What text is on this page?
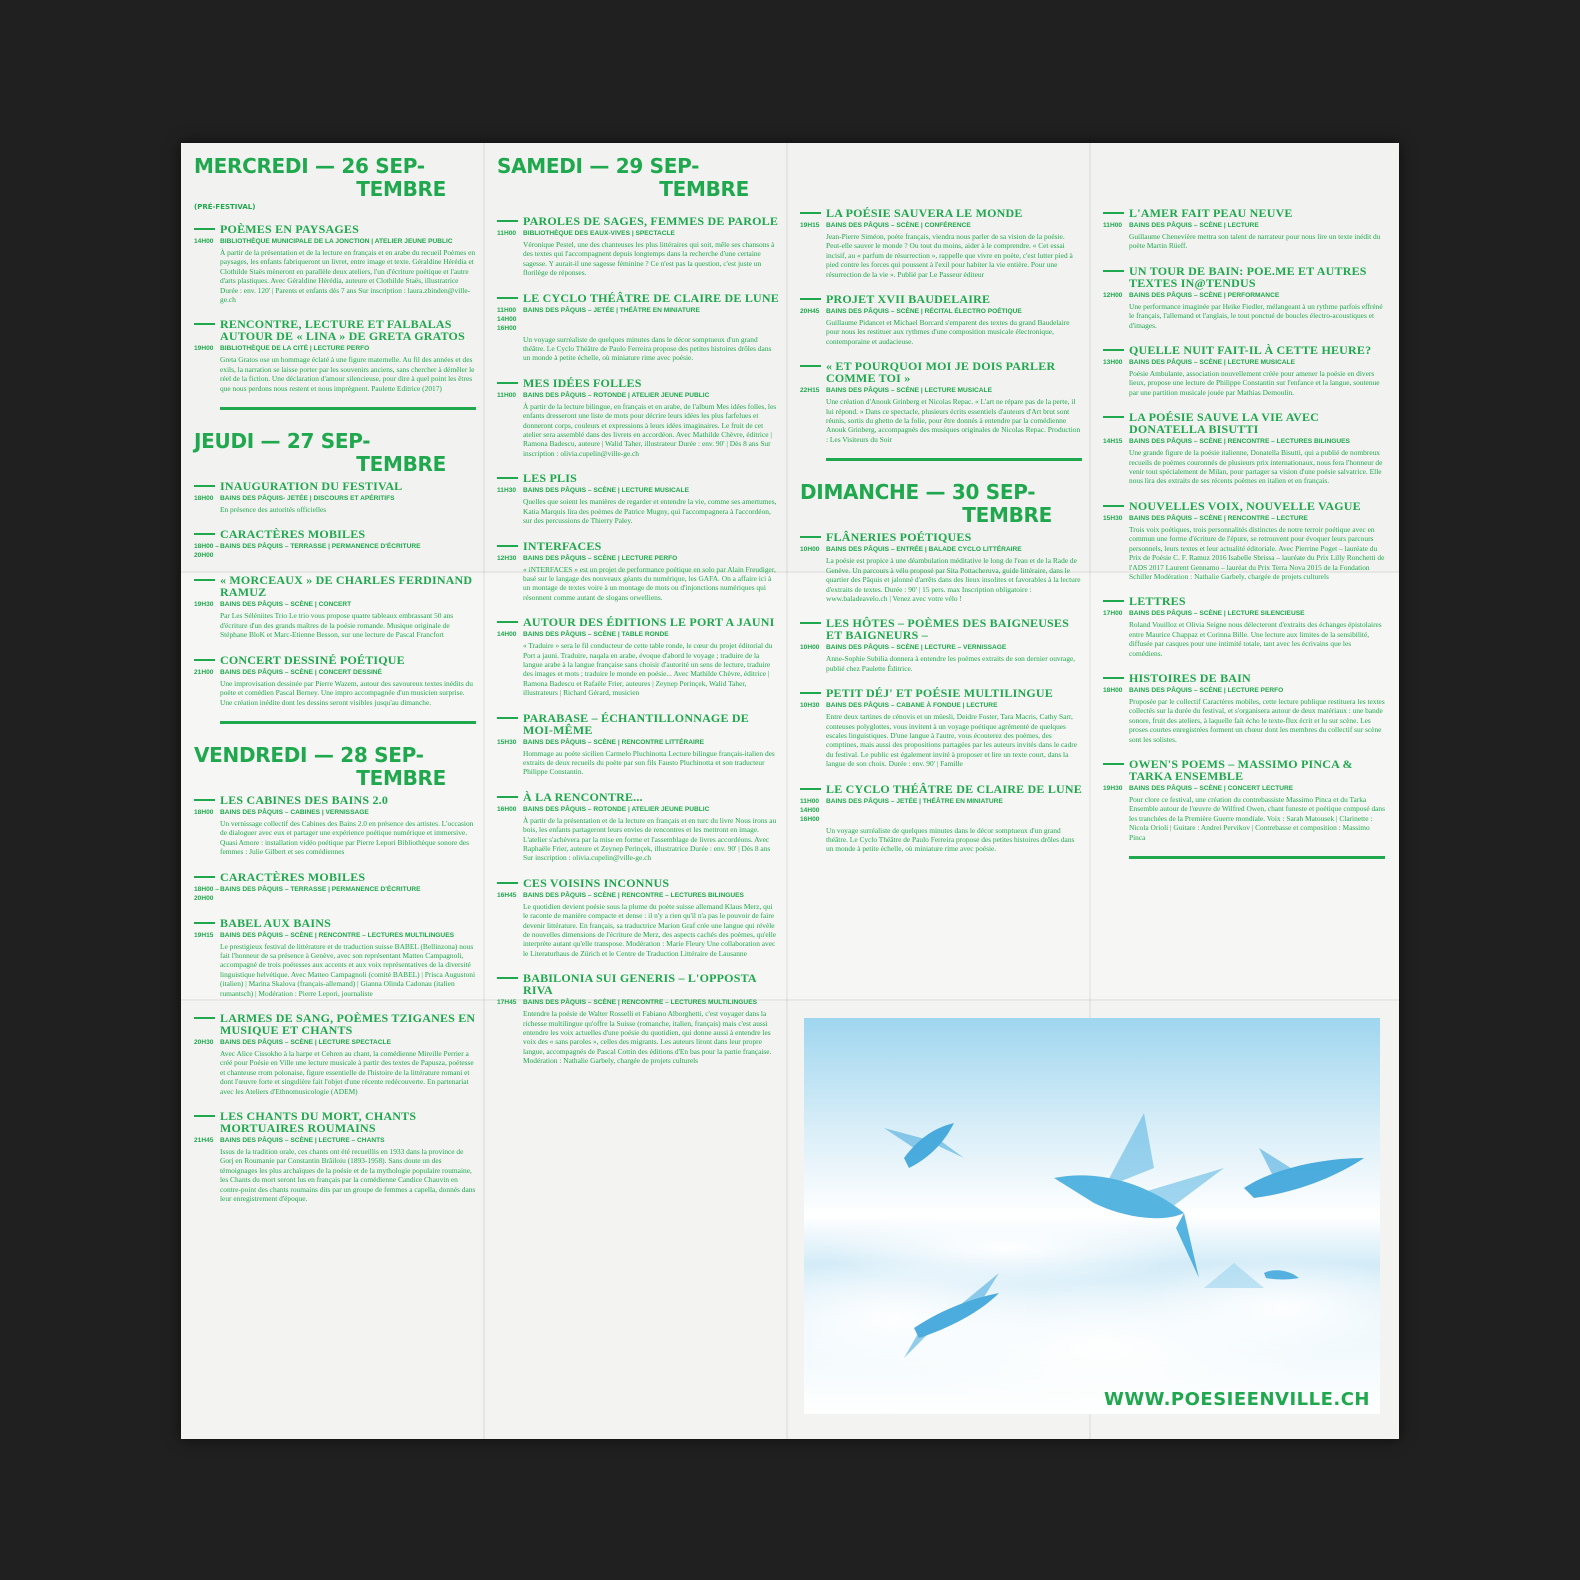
MERCREDI — 26 SEP-
TEMBRE
(PRÉ-FESTIVAL)
POÈMES EN PAYSAGES
14H00 BIBLIOTHÈQUE MUNICIPALE DE LA JONCTION | ATELIER JEUNE PUBLIC
À partir de la présentation et de la lecture en français et en arabe du recueil Poèmes en paysages, les enfants fabriqueront un livret, entre image et texte. Géraldine Hérédia et Clothilde Staës mèneront en parallèle deux ateliers, l'un d'écriture poétique et l'autre d'arts plastiques. Avec Géraldine Hérédia, auteure et Clothilde Staës, illustratrice Durée : env. 120' | Parents et enfants dès 7 ans Sur inscription : laura.zbinden@ville-ge.ch
RENCONTRE, LECTURE ET FALBALAS AUTOUR DE « LINA » DE GRETA GRATOS
19H00 BIBLIOTHÈQUE DE LA CITÉ | LECTURE PERFO
Greta Gratos ose un hommage éclaté à une figure maternelle. Au fil des années et des exils, la narration se laisse porter par les souvenirs anciens, sans chercher à démêler le réel de la fiction. Une déclaration d'amour silencieuse, pour dire à quel point les êtres que nous perdons nous restent et nous imprègnent. Paulette Editrice (2017)
JEUDI — 27 SEP-
TEMBRE
INAUGURATION DU FESTIVAL
18H00 BAINS DES PÂQUIS- JETÉE | DISCOURS ET APÉRITIFS
En présence des autorités officielles
CARACTÈRES MOBILES
18H00 – 20H00
BAINS DES PÂQUIS – TERRASSE | PERMANENCE D'ÉCRITURE
« MORCEAUX » DE CHARLES FERDINAND RAMUZ
19H30 BAINS DES PÂQUIS – SCÈNE | CONCERT
Par Les Séléniites Trio Le trio vous propose quatre tableaux embrassant 50 ans d'écriture d'un des grands maîtres de la poésie romande. Musique originale de Stéphane BloK et Marc-Etienne Besson, sur une lecture de Pascal Francfort
CONCERT DESSINÉ POÉTIQUE
21H00 BAINS DES PÂQUIS – SCÈNE | CONCERT DESSINÉ
Une improvisation dessinée par Pierre Wazem, autour des savoureux textes inédits du poète et comédien Pascal Berney. Une impro accompagnée d'un musicien surprise. Une création inédite dont les dessins seront visibles jusqu'au dimanche.
VENDREDI — 28 SEP-
TEMBRE
LES CABINES DES BAINS 2.0
18H00 BAINS DES PÂQUIS – CABINES | VERNISSAGE
Un vernissage collectif des Cabines des Bains 2.0 en présence des artistes. L'occasion de dialoguer avec eux et partager une expérience poétique numérique et immersive. Quasi Amore : installation vidéo poétique par Pierre Lepori Bibliothèque sonore des femmes : Julie Gilbert et ses comédiennes
CARACTÈRES MOBILES
18H00 – 20H00
BAINS DES PÂQUIS – TERRASSE | PERMANENCE D'ÉCRITURE
BABEL AUX BAINS
19H15 BAINS DES PÂQUIS – SCÈNE | RENCONTRE – LECTURES MULTILINGUES
Le prestigieux festival de littérature et de traduction suisse BABEL (Bellinzona) nous fait l'honneur de sa présence à Genève, avec son représentant Matteo Campagnoli, accompagné de trois poétesses aux accents et aux voix représentatives de la diversité linguistique helvétique. Avec Matteo Campagnoli (comité BABEL) | Prisca Augustoni (italien) | Marina Skalova (français-allemand) | Gianna Olinda Cadonau (italien rumantsch) | Modération : Pierre Lepori, journaliste
LARMES DE SANG, POÈMES TZIGANES EN MUSIQUE ET CHANTS
20H30 BAINS DES PÂQUIS – SCÈNE | LECTURE SPECTACLE
Avec Alice Cissokho à la harpe et Cehren au chant, la comédienne Mireille Perrier a créé pour Poésie en Ville une lecture musicale à partir des textes de Papusza, poétesse et chanteuse rrom polonaise, figure essentielle de l'histoire de la littérature romani et dont l'œuvre forte et singulière fait l'objet d'une récente redécouverte. En partenariat avec les Ateliers d'Ethnomusicologie (ADEM)
LES CHANTS DU MORT, CHANTS MORTUAIRES ROUMAINS
21H45 BAINS DES PÂQUIS – SCÈNE | LECTURE – CHANTS
Issus de la tradition orale, ces chants ont été recueillis en 1933 dans la province de Gorj en Roumanie par Constantin Brăiloiu (1893-1958). Sans doute un des témoignages les plus archaïques de la poésie et de la mythologie populaire roumaine, les Chants du mort seront lus en français par la comédienne Candice Chauvin en contre-point des chants roumains dits par un groupe de femmes a capella, donnés dans leur enregistrement d'époque.
SAMEDI — 29 SEP-
TEMBRE
PAROLES DE SAGES, FEMMES DE PAROLE
11H00	BIBLIOTHÈQUE DES EAUX-VIVES | SPECTACLE
Véronique Pestel, une des chanteuses les plus littéraires qui soit, mêle ses chansons à des textes qui l'accompagnent depuis longtemps dans la recherche d'une certaine sagesse. Y aurait-il une sagesse féminine ? Ce n'est pas la question, c'est juste un florilège de réponses.
LE CYCLO THÉÂTRE DE CLAIRE DE LUNE
11H00 14H00 16H00
BAINS DES PÂQUIS – JETÉE | THÉÂTRE EN MINIATURE
Un voyage surréaliste de quelques minutes dans le décor somptueux d'un grand théâtre. Le Cyclo Théâtre de Paulo Ferreira propose des petites histoires drôles dans un monde à petite échelle, où miniature rime avec poésie.
MES IDÉES FOLLES
11H00	BAINS DES PÂQUIS – ROTONDE | ATELIER JEUNE PUBLIC
À partir de la lecture bilingue, en français et en arabe, de l'album Mes idées folles, les enfants dresseront une liste de mots pour décrire leurs idées les plus farfelues et donneront corps, couleurs et expressions à leurs idées imaginaires. Le fruit de cet atelier sera assemblé dans des livrets en accordéon. Avec Mathilde Chèvre, éditrice | Ramona Badescu, auteure | Walid Taher, illustrateur Durée : env. 90' | Dès 8 ans Sur inscription : olivia.cupelin@ville-ge.ch
LES PLIS
11H30	BAINS DES PÂQUIS – SCÈNE | LECTURE MUSICALE
Quelles que soient les manières de regarder et entendre la vie, comme ses amertumes, Katia Marquis lira des poèmes de Patrice Mugny, qui l'accompagnera à l'accordéon, sur des percussions de Thierry Paley.
INTERFACES
12H30 BAINS DES PÂQUIS – SCÈNE | LECTURE PERFO
« iNTERFACES » est un projet de performance poétique en solo par Alain Freudiger, basé sur le langage des nouveaux géants du numérique, les GAFA. On a affaire ici à un montage de textes voire à un montage de mots ou d'injonctions numériques qui résonnent comme autant de slogans orwelliens.
AUTOUR DES ÉDITIONS LE PORT A JAUNI
14H00 BAINS DES PÂQUIS – SCÈNE | TABLE RONDE
« Traduire » sera le fil conducteur de cette table ronde, le cœur du projet éditorial du Port a jauni. Traduire, naqala en arabe, évoque d'abord le voyage ; traduire de la langue arabe à la langue française sans choisir d'autorité un sens de lecture, traduire des images et mots ; traduire le monde en poésie... Avec Mathilde Chèvre, éditrice | Ramona Badescu et Rafaële Frier, auteures | Zeynep Perinçek, Walid Taher, illustrateurs | Richard Gérard, musicien
PARABASE – ÉCHANTILLONNAGE DE MOI-MÊME
15H30 BAINS DES PÂQUIS – SCÈNE | RENCONTRE LITTÉRAIRE
Hommage au poète sicilien Carmelo Pluchinotta Lecture bilingue français-italien des extraits de deux recueils du poète par son fils Fausto Pluchinotta et son traducteur Philippe Constantin.
À LA RENCONTRE...
16H00 BAINS DES PÂQUIS – ROTONDE | ATELIER JEUNE PUBLIC
À partir de la présentation et de la lecture en français et en turc du livre Nous irons au bois, les enfants partageront leurs envies de rencontres et les mettront en image. L'atelier s'achèvera par la mise en forme et l'assemblage de livres accordéons. Avec Raphaële Frier, auteure et Zeynep Perinçek, illustratrice Durée : env. 90' | Dès 8 ans Sur inscription : olivia.cupelin@ville-ge.ch
CES VOISINS INCONNUS
16H45 BAINS DES PÂQUIS – SCÈNE | RENCONTRE – LECTURES BILINGUES
Le quotidien devient poésie sous la plume du poète suisse allemand Klaus Merz, qui le raconte de manière compacte et dense : il n'y a rien qu'il n'a pas le pouvoir de faire devenir littérature. En français, sa traductrice Marion Graf crée une langue qui révèle de nouvelles dimensions de l'écriture de Merz, des aspects cachés des poèmes, qu'elle interprète autant qu'elle transpose. Modération : Marie Fleury Une collaboration avec le Literaturhaus de Zürich et le Centre de Traduction Littéraire de Lausanne
BABILONIA SUI GENERIS – L'OPPOSTA RIVA
17H45 BAINS DES PÂQUIS – SCÈNE | RENCONTRE – LECTURES MULTILINGUES
Entendre la poésie de Walter Rosselli et Fabiano Alborghetti, c'est voyager dans la richesse multilingue qu'offre la Suisse (romanche, italien, français) mais c'est aussi entendre les voix actuelles d'une poésie du quotidien, qui donne aussi à entendre les voix des « sans paroles », celles des migrants. Les auteurs liront dans leur propre langue, accompagnés de Pascal Cottin des éditions d'En bas pour la partie française. Modération : Nathalie Garbely, chargée de projets culturels
LA POÉSIE SAUVERA LE MONDE
19H15 BAINS DES PÂQUIS – SCÈNE | CONFÉRENCE
Jean-Pierre Siméon, poète français, viendra nous parler de sa vision de la poésie. Peut-elle sauver le monde ? Ou tout du moins, aider à le comprendre. « Cet essai incisif, au « parfum de résurrection », rappelle que vivre en poète, c'est lutter pied à pied contre les forces qui poussent à l'exil pour habiter la vie entière. Pour une résurrection de la vie ». Publié par Le Passeur éditeur
PROJET XVII BAUDELAIRE
20H45 BAINS DES PÂQUIS – SCÈNE | RÉCITAL ÉLECTRO POÉTIQUE
Guillaume Pidancet et Michael Borcard s'emparent des textes du grand Baudelaire pour nous les restituer aux rythmes d'une composition musicale électronique, contemporaine et audacieuse.
« ET POURQUOI MOI JE DOIS PARLER COMME TOI »
22H15 BAINS DES PÂQUIS – SCÈNE | LECTURE MUSICALE
Une création d'Anouk Grinberg et Nicolas Repac. « L'art ne répare pas de la perte, il lui répond. » Dans ce spectacle, plusieurs écrits essentiels d'auteurs d'Art brut sont réunis, sortis du ghetto de la folie, pour être donnés à entendre par la comédienne Anouk Grinberg, accompagnés des musiques originales de Nicolas Repac. Production : Les Visiteurs du Soir
DIMANCHE — 30 SEP-
TEMBRE
FLÂNERIES POÉTIQUES
10H00 BAINS DES PÂQUIS – ENTRÉE | BALADE CYCLO LITTÉRAIRE
La poésie est propice à une déambulation méditative le long de l'eau et de la Rade de Genève. Un parcours à vélo proposé par Sita Pottacheruva, guide littéraire, dans le quartier des Pâquis et jalonné d'arrêts dans des lieux insolites et favorables à la lecture d'extraits de textes. Durée : 90' | 15 pers. max Inscription obligatoire : www.baladeavelo.ch | Venez avec votre vélo !
LES HÔTES – POÈMES DES BAIGNEUSES ET BAIGNEURS –
10H00 BAINS DES PÂQUIS – SCÈNE | LECTURE – VERNISSAGE
Anne-Sophie Subilia donnera à entendre les poèmes extraits de son dernier ouvrage, publié chez Paulette Éditrice.
PETIT DÉJ' ET POÉSIE MULTILINGUE
10H30 BAINS DES PÂQUIS – CABANE À FONDUE | LECTURE
Entre deux tartines de cénovis et un müesli, Deidre Foster, Tara Macris, Cathy Sarr, conteuses polyglottes, vous invitent à un voyage poétique agrémenté de quelques escales linguistiques. D'une langue à l'autre, vous écouterez des poèmes, des comptines, mais aussi des propositions partagées par les auteurs invités dans le cadre du festival. Le public est également invité à proposer et lire un texte court, dans la langue de son choix. Durée : env. 90' | Famille
LE CYCLO THÉÂTRE DE CLAIRE DE LUNE
11H00 14H00 16H00
BAINS DES PÂQUIS – JETÉE | THÉÂTRE EN MINIATURE
Un voyage surréaliste de quelques minutes dans le décor somptueux d'un grand théâtre. Le Cyclo Théâtre de Paulo Ferreira propose des petites histoires drôles dans un monde à petite échelle, où miniature rime avec poésie.
L'AMER FAIT PEAU NEUVE
11H00	BAINS DES PÂQUIS – SCÈNE | LECTURE
Guillaume Chenevière mettra son talent de narrateur pour nous lire un texte inédit du poète Martin Rüeff.
UN TOUR DE BAIN: POE.ME ET AUTRES TEXTES IN@TENDUS
12H00 BAINS DES PÂQUIS – SCÈNE | PERFORMANCE
Une performance imaginée par Heike Fiedler, mélangeant à un rythme parfois effréné le français, l'allemand et l'anglais, le tout ponctué de boucles électro-acoustiques et d'images.
QUELLE NUIT FAIT-IL À CETTE HEURE?
13H00 BAINS DES PÂQUIS – SCÈNE | LECTURE MUSICALE
Poésie Ambulante, association nouvellement créée pour amener la poésie en divers lieux, propose une lecture de Philippe Constantin sur l'enfance et la langue, soutenue par une partition musicale jouée par Mathias Demoulin.
LA POÉSIE SAUVE LA VIE AVEC DONATELLA BISUTTI
14H15 BAINS DES PÂQUIS – SCÈNE | RENCONTRE – LECTURES BILINGUES
Une grande figure de la poésie italienne, Donatella Bisutti, qui a publié de nombreux recueils de poèmes couronnés de plusieurs prix internationaux, nous fera l'honneur de venir tout spécialement de Milan, pour partager sa vision d'une poésie salvatrice. Elle nous lira des extraits de ses récents poèmes en italien et en français.
NOUVELLES VOIX, NOUVELLE VAGUE
15H30 BAINS DES PÂQUIS – SCÈNE | RENCONTRE – LECTURE
Trois voix poétiques, trois personnalités distinctes de notre terroir poétique avec en commun une forme d'écriture de l'épure, se retrouvent pour évoquer leurs parcours personnels, leurs textes et leur actualité éditoriale. Avec Pierrine Poget – lauréate du Prix de Poésie C. F. Ramuz 2016 Isabelle Sbrissa – lauréate du Prix Lilly Ronchetti de l'ADS 2017 Laurent Gennamo – lauréat du Prix Terra Nova 2015 de la Fondation Schiller Modération : Nathalie Garbely, chargée de projets culturels
LETTRES
17H00 BAINS DES PÂQUIS – SCÈNE | LECTURE SILENCIEUSE
Roland Vouilloz et Olivia Seigne nous délecteront d'extraits des échanges épistolaires entre Maurice Chappaz et Corinna Bille. Une lecture aux limites de la sensibilité, diffusée par casques pour une intimité totale, tant avec les écrivains que les comédiens.
HISTOIRES DE BAIN
18H00 BAINS DES PÂQUIS – SCÈNE | LECTURE PERFO
Proposée par le collectif Caractères mobiles, cette lecture publique restituera les textes collectés sur la durée du festival, et s'organisera autour de deux matériaux : une bande sonore, fruit des ateliers, à laquelle fait écho le texte-flux écrit et lu sur scène. Les proses courtes enregistrées forment un chœur dont les membres du collectif sur scène sont les solistes.
OWEN'S POEMS – MASSIMO PINCA & TARKA ENSEMBLE
19H30 BAINS DES PÂQUIS – SCÈNE | CONCERT LECTURE
Pour clore ce festival, une création du contrebassiste Massimo Pinca et du Tarka Ensemble autour de l'œuvre de Wilfred Owen, chant funeste et poétique composé dans les tranchées de la Première Guerre mondiale. Voix : Sarah Matousek | Clarinette : Nicola Orioli | Guitare : Andrei Pervikov | Contrebasse et composition : Massimo Pinca
WWW.POESIEENVILLE.CH
